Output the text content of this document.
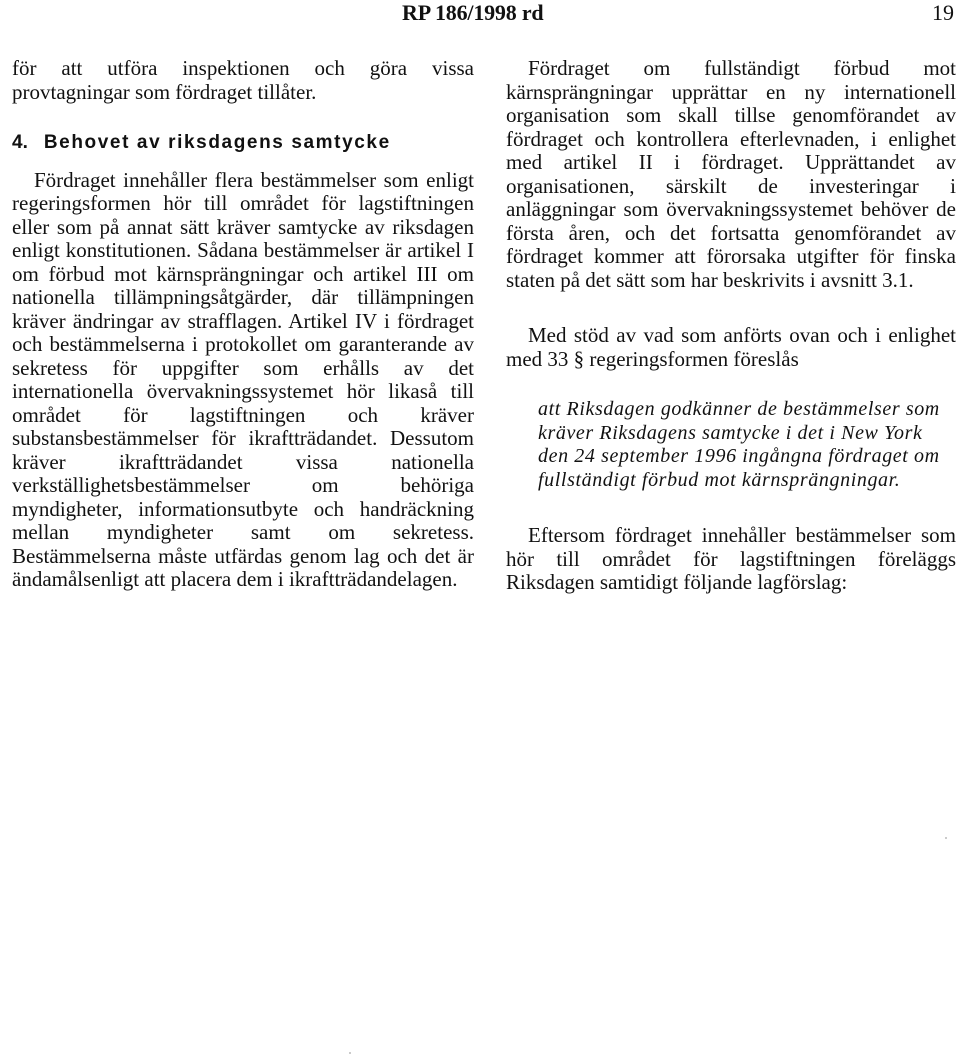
RP 186/1998 rd	19

för att utföra inspektionen och göra vissa provtagningar som fördraget tillåter.

4. Behovet av riksdagens samtycke

Fördraget innehåller flera bestämmelser som enligt regeringsformen hör till området för lagstiftningen eller som på annat sätt kräver samtycke av riksdagen enligt konstitutionen. Sådana bestämmelser är artikel I om förbud mot kärnsprängningar och artikel III om nationella tillämpningsåtgärder, där tillämpningen kräver ändringar av strafflagen. Artikel IV i fördraget och bestämmelserna i protokollet om garanterande av sekretess för uppgifter som erhålls av det internationella övervakningssystemet hör likaså till området för lagstiftningen och kräver substansbestämmelser för ikraftträdandet. Dessutom kräver ikraftträdandet vissa nationella verkställighetsbestämmelser om behöriga myndigheter, informationsutbyte och handräckning mellan myndigheter samt om sekretess. Bestämmelserna måste utfärdas genom lag och det är ändamålsenligt att placera dem i ikraftträdandelagen.

Fördraget om fullständigt förbud mot kärnsprängningar upprättar en ny internationell organisation som skall tillse genomförandet av fördraget och kontrollera efterlevnaden, i enlighet med artikel II i fördraget. Upprättandet av organisationen, särskilt de investeringar i anläggningar som övervakningssystemet behöver de första åren, och det fortsatta genomförandet av fördraget kommer att förorsaka utgifter för finska staten på det sätt som har beskrivits i avsnitt 3.1.

Med stöd av vad som anförts ovan och i enlighet med 33 § regeringsformen föreslås

att Riksdagen godkänner de bestämmelser som kräver Riksdagens samtycke i det i New York den 24 september 1996 ingångna fördraget om fullständigt förbud mot kärnsprängningar.

Eftersom fördraget innehåller bestämmelser som hör till området för lagstiftningen föreläggs Riksdagen samtidigt följande lagförslag:
